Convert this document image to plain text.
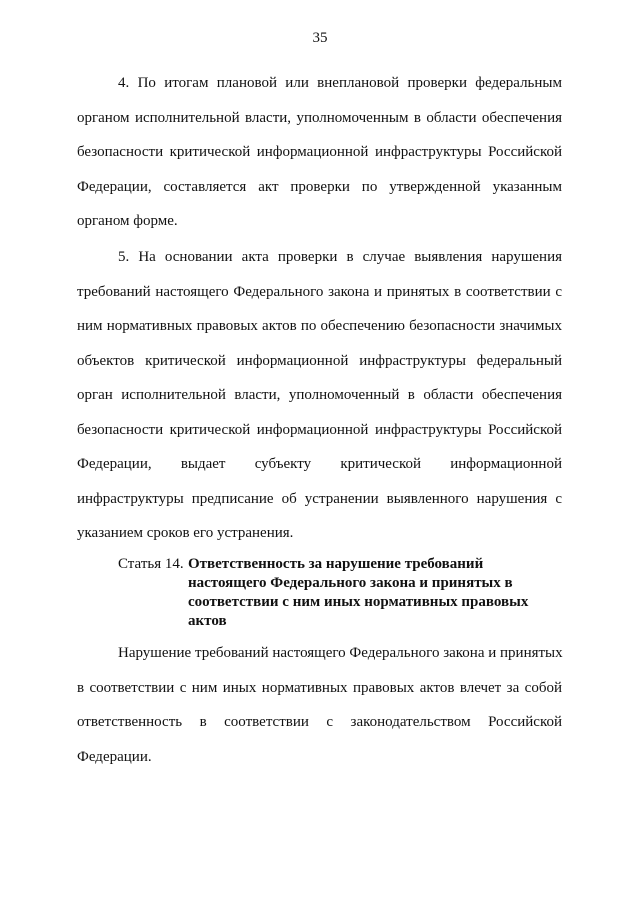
35
4. По итогам плановой или внеплановой проверки федеральным
органом исполнительной власти, уполномоченным в области обеспечения
безопасности критической информационной инфраструктуры Российской
Федерации, составляется акт проверки по утвержденной указанным
органом форме.
5. На основании акта проверки в случае выявления нарушения
требований настоящего Федерального закона и принятых в соответствии с
ним нормативных правовых актов по обеспечению безопасности значимых
объектов критической информационной инфраструктуры федеральный
орган исполнительной власти, уполномоченный в области обеспечения
безопасности критической информационной инфраструктуры Российской
Федерации, выдает субъекту критической информационной
инфраструктуры предписание об устранении выявленного нарушения с
указанием сроков его устранения.
Статья 14. Ответственность за нарушение требований
настоящего Федерального закона и принятых в
соответствии с ним иных нормативных правовых
актов
Нарушение требований настоящего Федерального закона и принятых
в соответствии с ним иных нормативных правовых актов влечет за собой
ответственность в соответствии с законодательством Российской
Федерации.
